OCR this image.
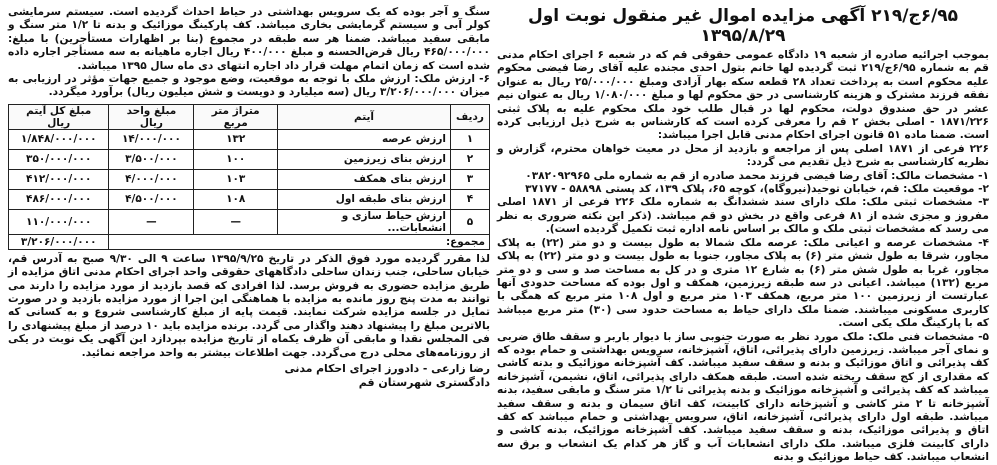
۶/۹۵ج/۲۱۹ آگهی مزایده اموال غیر منقول نوبت اول ۱۳۹۵/۸/۲۹

بموجب اجرائیه صادره از شعبه ۱۹ دادگاه عمومی حقوقی قم که در شعبه ۶ اجرای احکام مدنی قم به شماره ۶/۹۵ج/۲۱۹ ثبت گردیده لها خانم بتول احدی مجنده علیه آقای رضا فیضی محکوم علیه محکوم است به پرداخت تعداد ۲۸ قطعه سکه بهار آزادی ومبلغ ۲۵/۰۰۰/۰۰۰ ریال به عنوان نفقه فرزند مشترک و هزینه کارشناسی در حق محکوم لها و مبلغ ۱/۰۸۰/۰۰۰ ریال به عنوان نیم عشر در حق صندوق دولت، محکوم لها در قبال طلب خود ملک محکوم علیه به پلاک ثبتی ۱۸۷۱/۲۲۶ - اصلی بخش ۲ قم را معرفی کرده است که کارشناس به شرح ذیل ارزیابی کرده است. ضمنا ماده ۵۱ قانون اجرای احکام مدنی قابل اجرا میباشد:

۲۲۶ فرعی از ۱۸۷۱ اصلی پس از مراجعه و بازدید از محل در معیت خواهان محترم، گزارش و نظریه کارشناسی به شرح ذیل تقدیم می گردد:

۱- مشخصات مالک: آقای رضا فیضی فرزند محمد صادره از قم به شماره ملی ۰۳۸۲۰۹۲۹۶۵

۲- موقعیت ملک: قم، خیابان توحید(نیروگاه)، کوچه ۶۵، پلاک ۱۳۹، کد پستی ۵۸۸۹۸ - ۳۷۱۷۷

۳- مشخصات ثبتی ملک: ملک دارای سند ششدانگ به شماره ملک ۲۲۶ فرعی از ۱۸۷۱ اصلی مفروز و مجزی شده از ۸۱ فرعی واقع در بخش دو قم میباشد. (ذکر این نکته ضروری به نظر می رسد که مشخصات ثبتی ملک و مالک بر اساس نامه اداره ثبت تکمیل گردیده است).

۴- مشخصات عرصه و اعیانی ملک: عرصه ملک شمالا به طول بیست و دو متر (۲۲) به پلاک مجاور، شرقا به طول شش متر (۶) به پلاک مجاور، جنوبا به طول بیست و دو متر (۲۲) به پلاک مجاور، غربا به طول شش متر (۶) به شارع ۱۲ متری و در کل به مساحت صد و سی و دو متر مربع (۱۳۲) میباشد. اعیانی در سه طبقه زیرزمین، همکف و اول بوده که مساحت حدودی آنها عبارتست از زیرزمین ۱۰۰ متر مربع، همکف ۱۰۳ متر مربع و اول ۱۰۸ متر مربع که همگی با کاربری مسکونی میباشند. ضمنا ملک دارای حیاط به مساحت حدود سی (۳۰) متر مربع میباشد که با پارکینگ ملک یکی است.

۵- مشخصات فنی ملک: ملک مورد نظر به صورت جنوبی ساز با دیوار باربر و سقف طاق ضربی و نمای آجر میباشد. زیرزمین دارای پذیرائی، اتاق، آشپزخانه، سرویس بهداشتی و حمام بوده که کف پذیرائی و اتاق موزائیک و بدنه و سقف سفید میباشد. کف آشپزخانه موزائیک و بدنه کاشی که مقداری از کج سقف ریخته شده است. طبقه همکف دارای پذیرائی، اتاق، نشیمن، آشپزخانه میباشد که کف پذیرائی و آشپزخانه موزائیک و بدنه پذیرائی تا ۱/۲ متر سنگ و مابقی سفید، بدنه آشپزخانه تا ۲ متر کاشی و آشپزخانه دارای کابینت، کف اتاق سیمان و بدنه و سقف سفید میباشد. طبقه اول دارای پذیرائی، آشپزخانه، اتاق، سرویس بهداشتی و حمام میباشد که کف اتاق و پذیرائی موزائیک، بدنه و سقف سفید میباشد. کف آشپزخانه موزائیک، بدنه کاشی و دارای کابینت فلزی میباشد. ملک دارای انشعابات آب و گاز هر کدام یک انشعاب و برق سه انشعاب میباشد. کف حیاط موزائیک و بدنه

سنگ و آجر بوده که یک سرویس بهداشتی در حیاط احداث گردیده است. سیستم سرمایشی کولر آبی و سیستم گرمایشی بخاری میباشد. کف پارکینگ موزائیک و بدنه تا ۱/۲ متر سنگ و مابقی سفید میباشد. ضمنا هر سه طبقه در مجموع (بنا بر اظهارات مستأجرین) با مبلغ: ۴۶۵/۰۰۰/۰۰۰ ریال قرض‌الحسنه و مبلغ ۴۰۰/۰۰۰ ریال اجاره ماهیانه به سه مستأجر اجاره داده شده است که زمان اتمام مهلت قرار داد اجاره انتهای دی ماه سال ۱۳۹۵ میباشد.

۶- ارزش ملک: ارزش ملک با توجه به موقعیت، وضع موجود و جمیع جهات مؤثر در ارزیابی به میزان ۳/۲۰۶/۰۰۰/۰۰۰ ریال (سه میلیارد و دویست و شش میلیون ریال) برآورد میگردد.

ردیف	آیتم	متراژ متر مربع	مبلغ واحد ریال	مبلغ کل آیتم ریال
۱	ارزش عرصه	۱۳۲	۱۴/۰۰۰/۰۰۰	۱/۸۴۸/۰۰۰/۰۰۰
۲	ارزش بنای زیرزمین	۱۰۰	۳/۵۰۰/۰۰۰	۳۵۰/۰۰۰/۰۰۰
۳	ارزش بنای همکف	۱۰۳	۴/۰۰۰/۰۰۰	۴۱۲/۰۰۰/۰۰۰
۴	ارزش بنای طبقه اول	۱۰۸	۴/۵۰۰/۰۰۰	۴۸۶/۰۰۰/۰۰۰
۵	ارزش حیاط سازی و انشعابات...	—	—	۱۱۰/۰۰۰/۰۰۰
مجموع:				۳/۲۰۶/۰۰۰/۰۰۰

لذا مقرر گردیده مورد فوق الذکر در تاریخ ۱۳۹۵/۹/۲۵ ساعت ۹ الی ۹/۳۰ صبح به آدرس قم، خیابان ساحلی، جنب زندان ساحلی دادگاههای حقوقی واحد اجرای احکام مدنی اتاق مزایده از طریق مزایده حضوری به فروش برسد. لذا افرادی که قصد بازدید از مورد مزایده را دارند می توانند به مدت پنج روز مانده به مزایده با هماهنگی این اجرا از مورد مزایده بازدید و در صورت تمایل در جلسه مزایده شرکت نمایند. قیمت پایه از مبلغ کارشناسی شروع و به کسانی که بالاترین مبلغ را پیشنهاد دهند واگذار می گردد. برنده مزایده باید ۱۰ درصد از مبلغ پیشنهادی را فی المجلس نقدا و مابقی آن ظرف یکماه از تاریخ مزایده بپردازد این آگهی یک نوبت در یکی از روزنامه‌های محلی درج می‌گردد. جهت اطلاعات بیشتر به واحد مراجعه نمائید.

رضا زارعی - دادورز اجرای احکام مدنی
دادگستری شهرستان قم
